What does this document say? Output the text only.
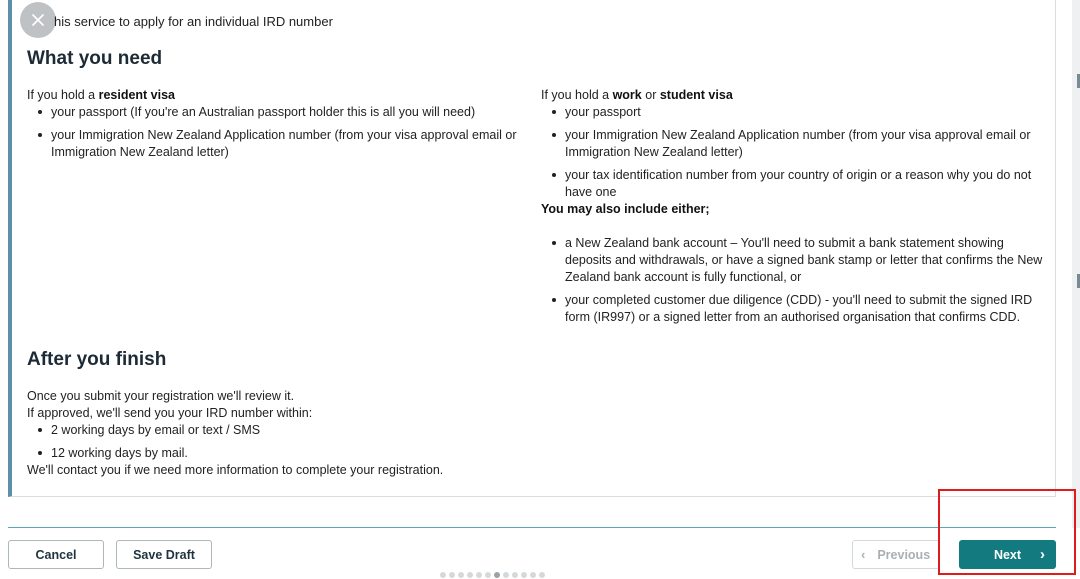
his service to apply for an individual IRD number
What you need
If you hold a resident visa
your passport (If you're an Australian passport holder this is all you will need)
your Immigration New Zealand Application number (from your visa approval email or Immigration New Zealand letter)
If you hold a work or student visa
your passport
your Immigration New Zealand Application number (from your visa approval email or Immigration New Zealand letter)
your tax identification number from your country of origin or a reason why you do not have one
You may also include either;
a New Zealand bank account – You'll need to submit a bank statement showing deposits and withdrawals, or have a signed bank stamp or letter that confirms the New Zealand bank account is fully functional, or
your completed customer due diligence (CDD) - you'll need to submit the signed IRD form (IR997) or a signed letter from an authorised organisation that confirms CDD.
After you finish
Once you submit your registration we'll review it.
If approved, we'll send you your IRD number within:
2 working days by email or text / SMS
12 working days by mail.
We'll contact you if we need more information to complete your registration.
Cancel	Save Draft	‹ Previous	Next ›
